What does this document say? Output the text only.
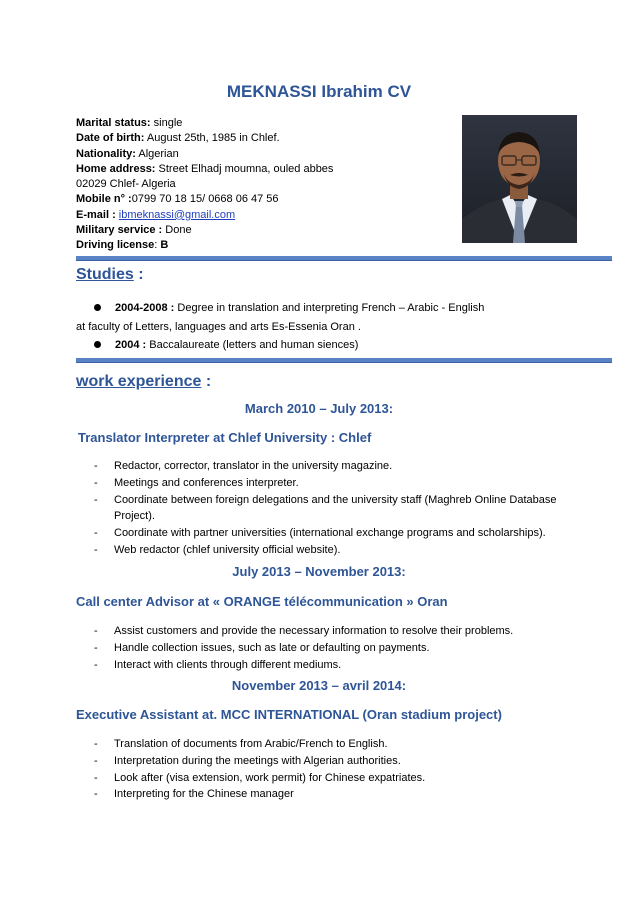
MEKNASSI Ibrahim CV
Marital status: single
Date of birth: August 25th, 1985 in Chlef.
Nationality: Algerian
Home address: Street Elhadj moumna, ouled abbes
02029 Chlef- Algeria
Mobile n° :0799 70 18 15/ 0668 06 47 56
E-mail : ibmeknassi@gmail.com
Military service : Done
Driving license: B
Studies :
2004-2008 : Degree in translation and interpreting French – Arabic - English
at faculty of Letters, languages and arts Es-Essenia Oran .
2004 : Baccalaureate (letters and human siences)
work experience :
March 2010 – July 2013:
Translator Interpreter at Chlef University : Chlef
- Redactor, corrector, translator in the university magazine.
- Meetings and conferences interpreter.
- Coordinate between foreign delegations and the university staff (Maghreb Online Database Project).
- Coordinate with partner universities (international exchange programs and scholarships).
- Web redactor (chlef university official website).
July 2013 – November 2013:
Call center Advisor at « ORANGE télécommunication » Oran
- Assist customers and provide the necessary information to resolve their problems.
- Handle collection issues, such as late or defaulting on payments.
- Interact with clients through different mediums.
November 2013 – avril 2014:
Executive Assistant at. MCC INTERNATIONAL (Oran stadium project)
- Translation of documents from Arabic/French to English.
- Interpretation during the meetings with Algerian authorities.
- Look after (visa extension, work permit) for Chinese expatriates.
- Interpreting for the Chinese manager
